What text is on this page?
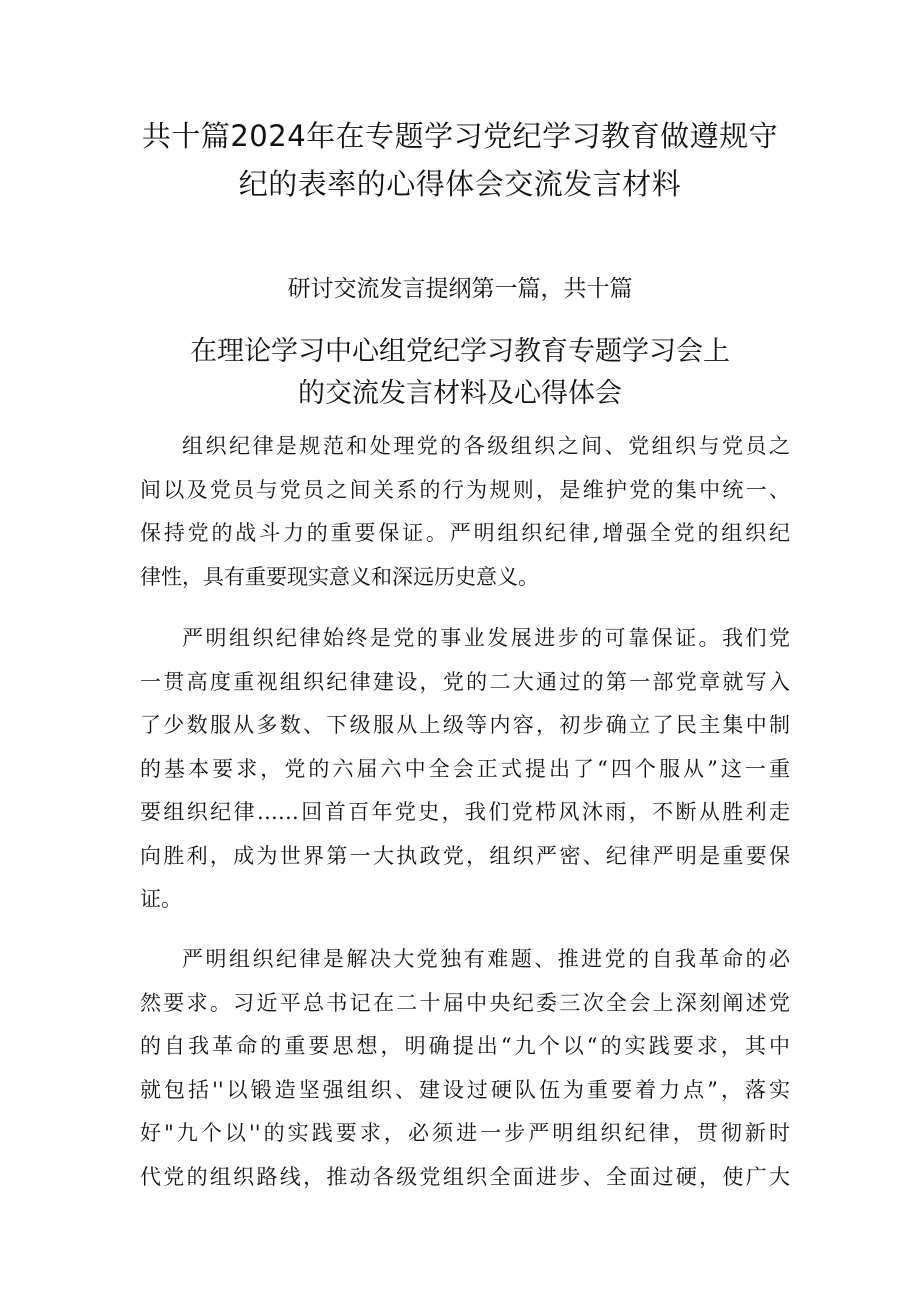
共十篇2024年在专题学习党纪学习教育做遵规守
纪的表率的心得体会交流发言材料
研讨交流发言提纲第一篇，共十篇
在理论学习中心组党纪学习教育专题学习会上
的交流发言材料及心得体会

组织纪律是规范和处理党的各级组织之间、党组织与党员之
间以及党员与党员之间关系的行为规则，是维护党的集中统一、
保持党的战斗力的重要保证。严明组织纪律,增强全党的组织纪
律性，具有重要现实意义和深远历史意义。

严明组织纪律始终是党的事业发展进步的可靠保证。我们党
一贯高度重视组织纪律建设，党的二大通过的第一部党章就写入
了少数服从多数、下级服从上级等内容，初步确立了民主集中制
的基本要求，党的六届六中全会正式提出了“四个服从”这一重
要组织纪律……回首百年党史，我们党栉风沐雨，不断从胜利走
向胜利，成为世界第一大执政党，组织严密、纪律严明是重要保
证。

严明组织纪律是解决大党独有难题、推进党的自我革命的必
然要求。习近平总书记在二十届中央纪委三次全会上深刻阐述党
的自我革命的重要思想，明确提出“九个以“的实践要求，其中
就包括''以锻造坚强组织、建设过硬队伍为重要着力点”，落实
好"九个以''的实践要求，必须进一步严明组织纪律，贯彻新时
代党的组织路线，推动各级党组织全面进步、全面过硬，使广大
